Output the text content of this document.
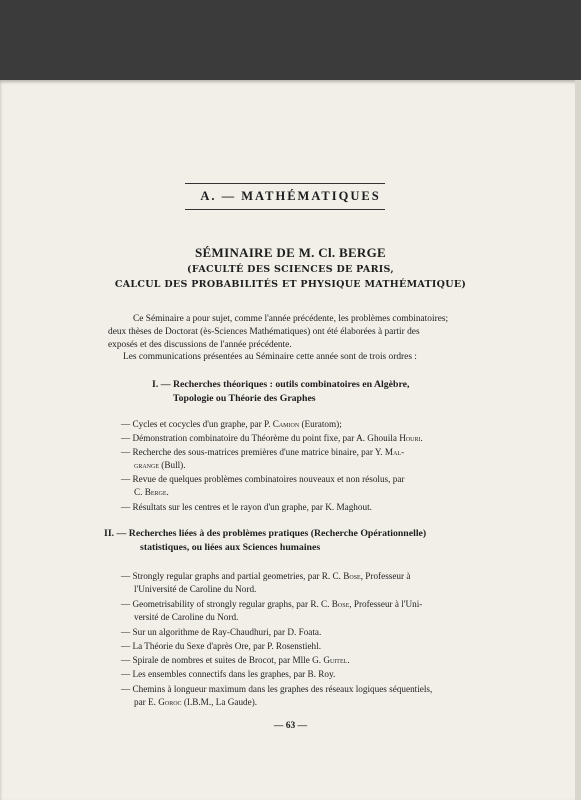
A. — MATHÉMATIQUES
SÉMINAIRE DE M. Cl. BERGE
(FACULTÉ DES SCIENCES DE PARIS,
CALCUL DES PROBABILITÉS ET PHYSIQUE MATHÉMATIQUE)
Ce Séminaire a pour sujet, comme l'année précédente, les problèmes combinatoires;
deux thèses de Doctorat (ès-Sciences Mathématiques) ont été élaborées à partir des
exposés et des discussions de l'année précédente.
Les communications présentées au Séminaire cette année sont de trois ordres :
I. — Recherches théoriques : outils combinatoires en Algèbre,
Topologie ou Théorie des Graphes
— Cycles et cocycles d'un graphe, par P. Camion (Euratom);
— Démonstration combinatoire du Théorème du point fixe, par A. Ghouila Houri.
— Recherche des sous-matrices premières d'une matrice binaire, par Y. Mal-
grange (Bull).
— Revue de quelques problèmes combinatoires nouveaux et non résolus, par
C. Berge.
— Résultats sur les centres et le rayon d'un graphe, par K. Maghout.
II. — Recherches liées à des problèmes pratiques (Recherche Opérationnelle)
statistiques, ou liées aux Sciences humaines
— Strongly regular graphs and partial geometries, par R. C. Bose, Professeur à
l'Université de Caroline du Nord.
— Geometrisability of strongly regular graphs, par R. C. Bose, Professeur à l'Uni-
versité de Caroline du Nord.
— Sur un algorithme de Ray-Chaudhuri, par D. Foata.
— La Théorie du Sexe d'après Ore, par P. Rosenstiehl.
— Spirale de nombres et suites de Brocot, par Mlle G. Guitel.
— Les ensembles connectifs dans les graphes, par B. Roy.
— Chemins à longueur maximum dans les graphes des réseaux logiques séquentiels,
par E. Goroc (I.B.M., La Gaude).
— 63 —
